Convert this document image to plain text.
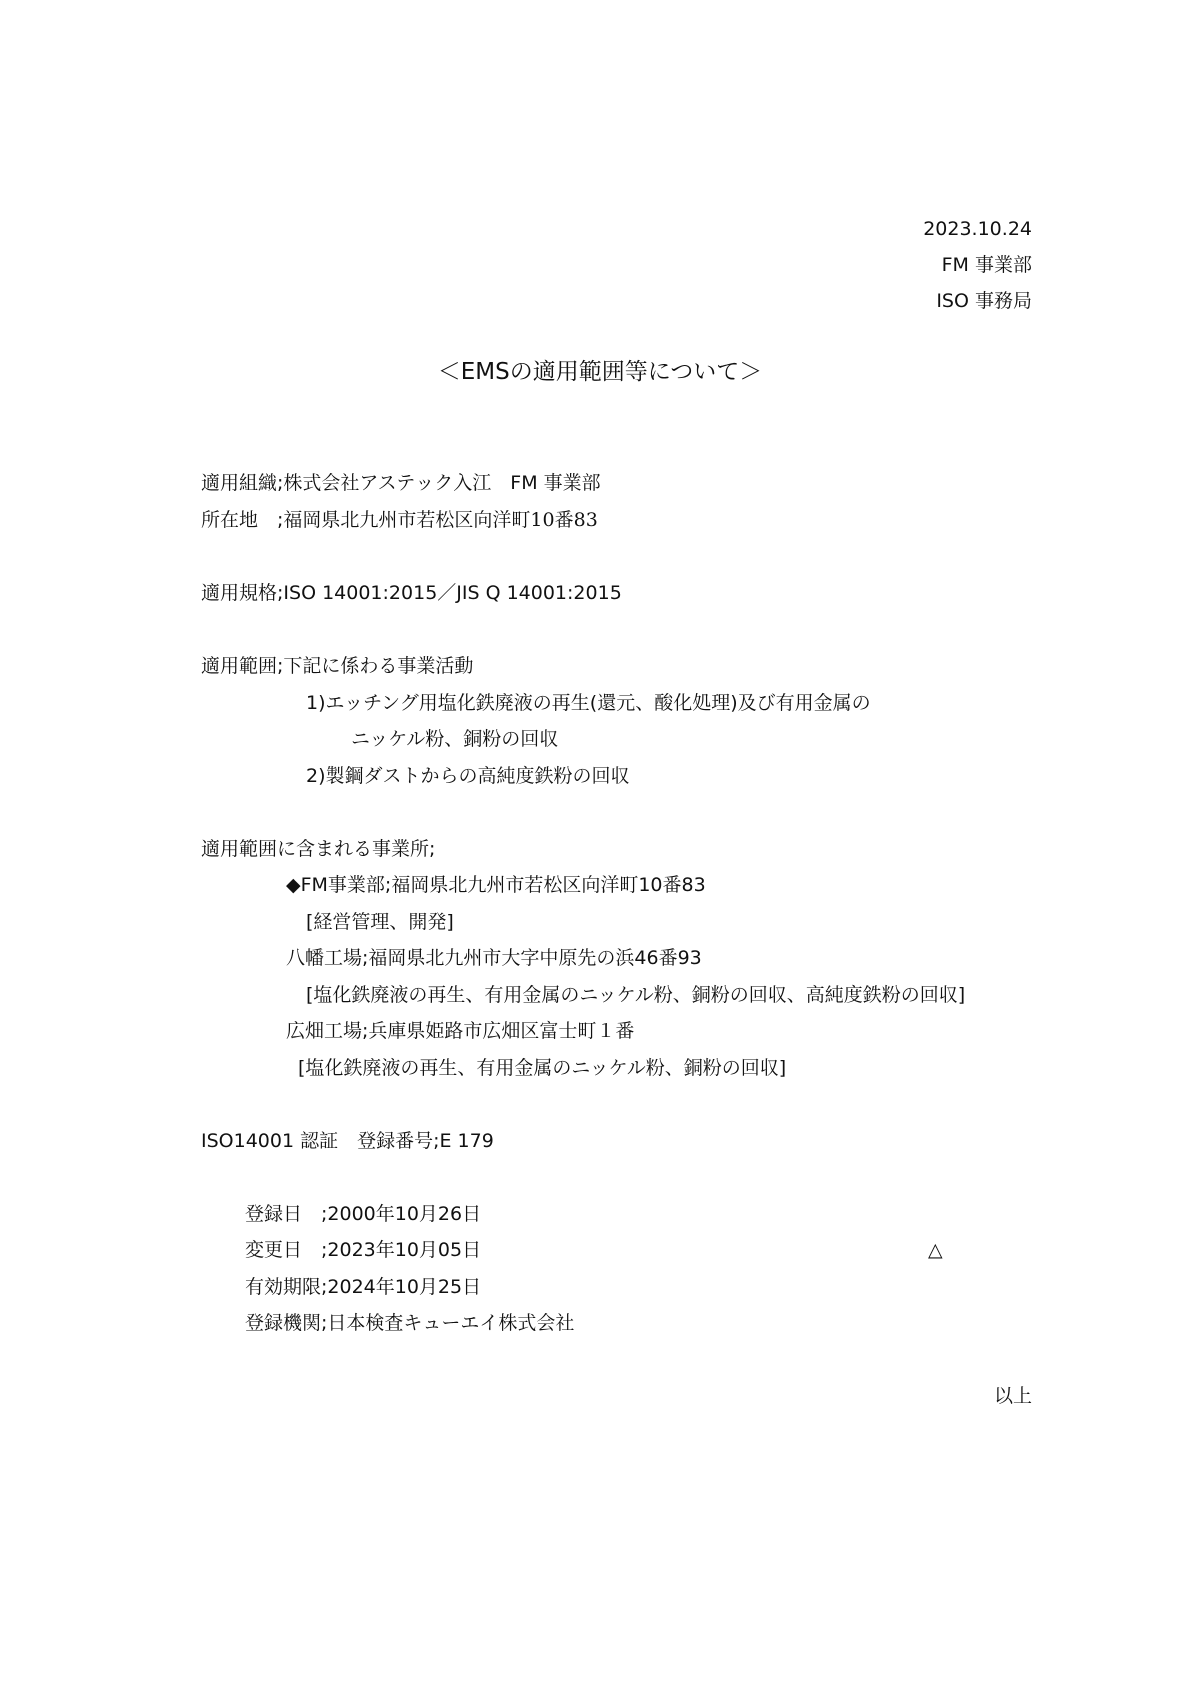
2023.10.24
FM 事業部
ISO 事務局
＜EMSの適用範囲等について＞
適用組織;株式会社アステック入江　FM 事業部
所在地　;福岡県北九州市若松区向洋町10番83
適用規格;ISO 14001:2015／JIS Q 14001:2015
適用範囲;下記に係わる事業活動
1)エッチング用塩化鉄廃液の再生(還元、酸化処理)及び有用金属の
ニッケル粉、銅粉の回収
2)製鋼ダストからの高純度鉄粉の回収
適用範囲に含まれる事業所;
◆FM事業部;福岡県北九州市若松区向洋町10番83
[経営管理、開発]
八幡工場;福岡県北九州市大字中原先の浜46番93
[塩化鉄廃液の再生、有用金属のニッケル粉、銅粉の回収、高純度鉄粉の回収]
広畑工場;兵庫県姫路市広畑区富士町１番
[塩化鉄廃液の再生、有用金属のニッケル粉、銅粉の回収]
ISO14001 認証　登録番号;E 179
登録日　;2000年10月26日
変更日　;2023年10月05日	△
有効期限;2024年10月25日
登録機関;日本検査キューエイ株式会社
以上
